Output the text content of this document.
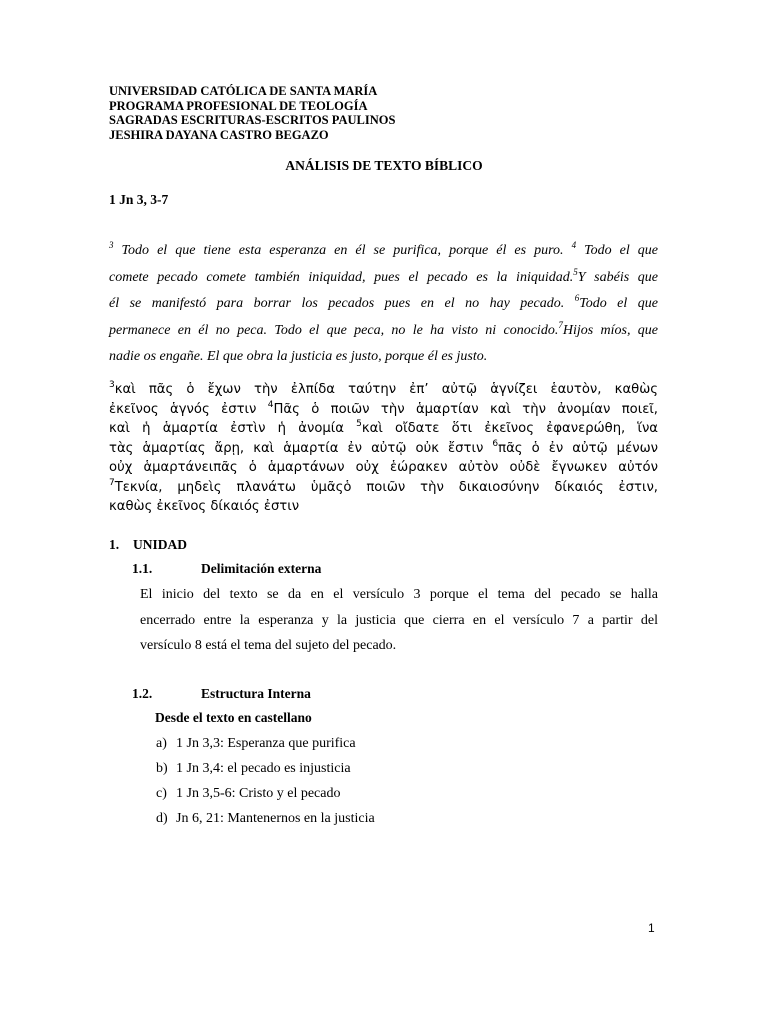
UNIVERSIDAD CATÓLICA DE SANTA MARÍA
PROGRAMA PROFESIONAL DE TEOLOGÍA
SAGRADAS ESCRITURAS-ESCRITOS PAULINOS
JESHIRA DAYANA CASTRO BEGAZO
ANÁLISIS DE TEXTO BÍBLICO
1 Jn 3, 3-7
$^3$ Todo el que tiene esta esperanza en él se purifica, porque él es puro. $^4$ Todo el que
comete pecado comete también iniquidad, pues el pecado es la iniquidad.$^5$Y sabéis que
él se manifestó para borrar los pecados pues en el no hay pecado. $^6$Todo el que
permanece en él no peca. Todo el que peca, no le ha visto ni conocido.$^7$Hijos míos, que
nadie os engañe. El que obra la justicia es justo, porque él es justo.
$^3$καὶ πᾶς ὁ ἔχων τὴν ἐλπίδα ταύτην ἐπ’ αὐτῷ ἁγνίζει ἑαυτὸν, καθὼς
ἐκεῖνος ἁγνός ἐστιν $^4$Πᾶς ὁ ποιῶν τὴν ἁμαρτίαν καὶ τὴν ἀνομίαν ποιεῖ,
καὶ ἡ ἁμαρτία ἐστὶν ἡ ἀνομία $^5$καὶ οἴδατε ὅτι ἐκεῖνος ἐφανερώθη, ἵνα
τὰς ἁμαρτίας ἄρῃ, καὶ ἁμαρτία ἐν αὐτῷ οὐκ ἔστιν $^6$πᾶς ὁ ἐν αὐτῷ μένων
οὐχ ἁμαρτάνειπᾶς ὁ ἁμαρτάνων οὐχ ἑώρακεν αὐτὸν οὐδὲ ἔγνωκεν αὐτόν
$^7$Τεκνία, μηδεὶς πλανάτω ὑμᾶςὁ ποιῶν τὴν δικαιοσύνην δίκαιός ἐστιν,
καθὼς ἐκεῖνος δίκαιός ἐστιν
1. UNIDAD
1.1.	Delimitación externa
El inicio del texto se da en el versículo 3 porque el tema del pecado se halla
encerrado entre la esperanza y la justicia que cierra en el versículo 7 a partir del
versículo 8 está el tema del sujeto del pecado.
1.2.	Estructura Interna
Desde el texto en castellano
a) 1 Jn 3,3: Esperanza que purifica
b) 1 Jn 3,4: el pecado es injusticia
c) 1 Jn 3,5-6: Cristo y el pecado
d) Jn 6, 21: Mantenernos en la justicia
1
